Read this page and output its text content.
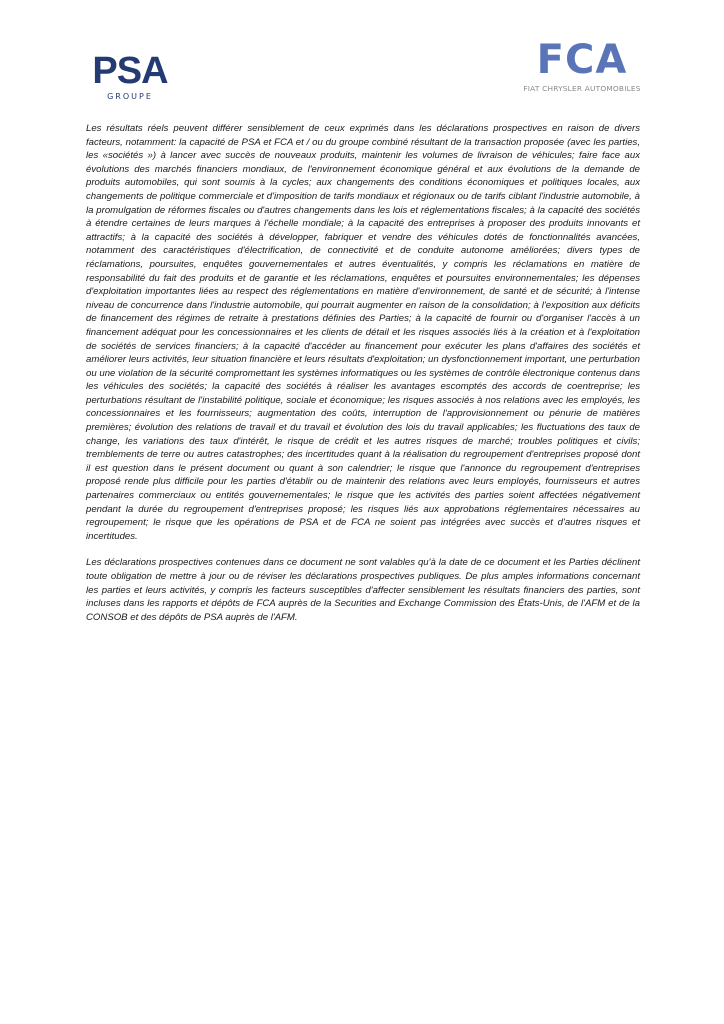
PSA
GROUPE
FCA
FIAT CHRYSLER AUTOMOBILES

Les résultats réels peuvent différer sensiblement de ceux exprimés dans les déclarations prospectives en raison de divers facteurs, notamment: la capacité de PSA et FCA et / ou du groupe combiné résultant de la transaction proposée (avec les parties, les «sociétés ») à lancer avec succès de nouveaux produits, maintenir les volumes de livraison de véhicules; faire face aux évolutions des marchés financiers mondiaux, de l'environnement économique général et aux évolutions de la demande de produits automobiles, qui sont soumis à la cycles; aux changements des conditions économiques et politiques locales, aux changements de politique commerciale et d'imposition de tarifs mondiaux et régionaux ou de tarifs ciblant l'industrie automobile, à la promulgation de réformes fiscales ou d'autres changements dans les lois et réglementations fiscales; à la capacité des sociétés à étendre certaines de leurs marques à l'échelle mondiale; à la capacité des entreprises à proposer des produits innovants et attractifs; à la capacité des sociétés à développer, fabriquer et vendre des véhicules dotés de fonctionnalités avancées, notamment des caractéristiques d'électrification, de connectivité et de conduite autonome améliorées; divers types de réclamations, poursuites, enquêtes gouvernementales et autres éventualités, y compris les réclamations en matière de responsabilité du fait des produits et de garantie et les réclamations, enquêtes et poursuites environnementales; les dépenses d'exploitation importantes liées au respect des réglementations en matière d'environnement, de santé et de sécurité; à l'intense niveau de concurrence dans l'industrie automobile, qui pourrait augmenter en raison de la consolidation; à l'exposition aux déficits de financement des régimes de retraite à prestations définies des Parties; à la capacité de fournir ou d'organiser l'accès à un financement adéquat pour les concessionnaires et les clients de détail et les risques associés liés à la création et à l'exploitation de sociétés de services financiers; à la capacité d'accéder au financement pour exécuter les plans d'affaires des sociétés et améliorer leurs activités, leur situation financière et leurs résultats d'exploitation; un dysfonctionnement important, une perturbation ou une violation de la sécurité compromettant les systèmes informatiques ou les systèmes de contrôle électronique contenus dans les véhicules des sociétés; la capacité des sociétés à réaliser les avantages escomptés des accords de coentreprise; les perturbations résultant de l'instabilité politique, sociale et économique; les risques associés à nos relations avec les employés, les concessionnaires et les fournisseurs; augmentation des coûts, interruption de l'approvisionnement ou pénurie de matières premières; évolution des relations de travail et du travail et évolution des lois du travail applicables; les fluctuations des taux de change, les variations des taux d'intérêt, le risque de crédit et les autres risques de marché; troubles politiques et civils; tremblements de terre ou autres catastrophes; des incertitudes quant à la réalisation du regroupement d'entreprises proposé dont il est question dans le présent document ou quant à son calendrier; le risque que l'annonce du regroupement d'entreprises proposé rende plus difficile pour les parties d'établir ou de maintenir des relations avec leurs employés, fournisseurs et autres partenaires commerciaux ou entités gouvernementales; le risque que les activités des parties soient affectées négativement pendant la durée du regroupement d'entreprises proposé; les risques liés aux approbations réglementaires nécessaires au regroupement; le risque que les opérations de PSA et de FCA ne soient pas intégrées avec succès et d'autres risques et incertitudes.

Les déclarations prospectives contenues dans ce document ne sont valables qu'à la date de ce document et les Parties déclinent toute obligation de mettre à jour ou de réviser les déclarations prospectives publiques. De plus amples informations concernant les parties et leurs activités, y compris les facteurs susceptibles d'affecter sensiblement les résultats financiers des parties, sont incluses dans les rapports et dépôts de FCA auprès de la Securities and Exchange Commission des États-Unis, de l'AFM et de la CONSOB et des dépôts de PSA auprès de l'AFM.
